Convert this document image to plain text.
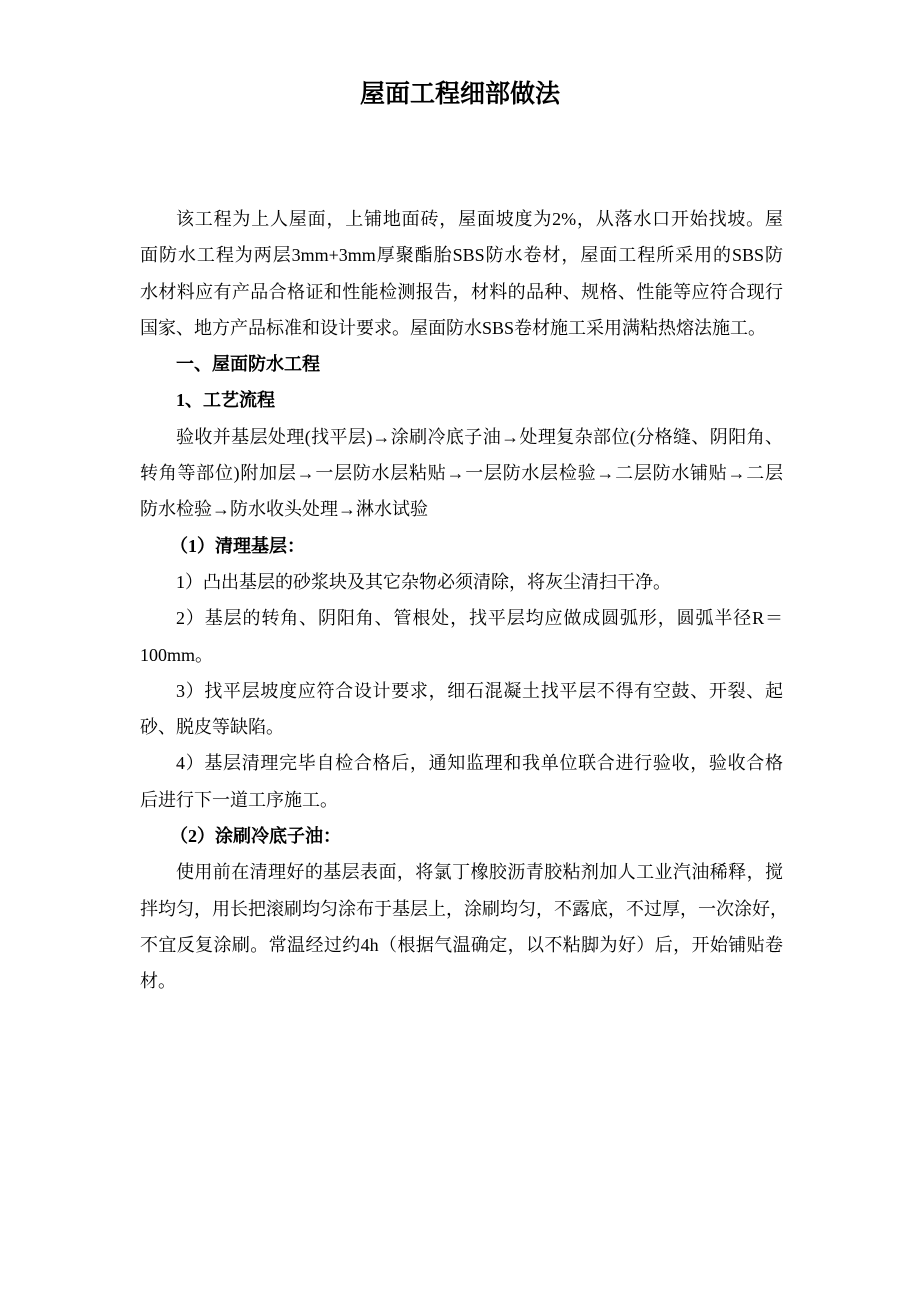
屋面工程细部做法
该工程为上人屋面，上铺地面砖，屋面坡度为2%，从落水口开始找坡。屋
面防水工程为两层3mm+3mm厚聚酯胎SBS防水卷材，屋面工程所采用的SBS防
水材料应有产品合格证和性能检测报告，材料的品种、规格、性能等应符合现行
国家、地方产品标准和设计要求。屋面防水SBS卷材施工采用满粘热熔法施工。
一、屋面防水工程
1、工艺流程
验收并基层处理(找平层)→涂刷冷底子油→处理复杂部位(分格缝、阴阳角、
转角等部位)附加层→一层防水层粘贴→一层防水层检验→二层防水铺贴→二层
防水检验→防水收头处理→淋水试验
（1）清理基层：
1）凸出基层的砂浆块及其它杂物必须清除，将灰尘清扫干净。
2）基层的转角、阴阳角、管根处，找平层均应做成圆弧形，圆弧半径R＝
100mm。
3）找平层坡度应符合设计要求，细石混凝土找平层不得有空鼓、开裂、起
砂、脱皮等缺陷。
4）基层清理完毕自检合格后，通知监理和我单位联合进行验收，验收合格
后进行下一道工序施工。
（2）涂刷冷底子油：
使用前在清理好的基层表面，将氯丁橡胶沥青胶粘剂加人工业汽油稀释，搅
拌均匀，用长把滚刷均匀涂布于基层上，涂刷均匀，不露底，不过厚，一次涂好，
不宜反复涂刷。常温经过约4h（根据气温确定，以不粘脚为好）后，开始铺贴卷
材。
